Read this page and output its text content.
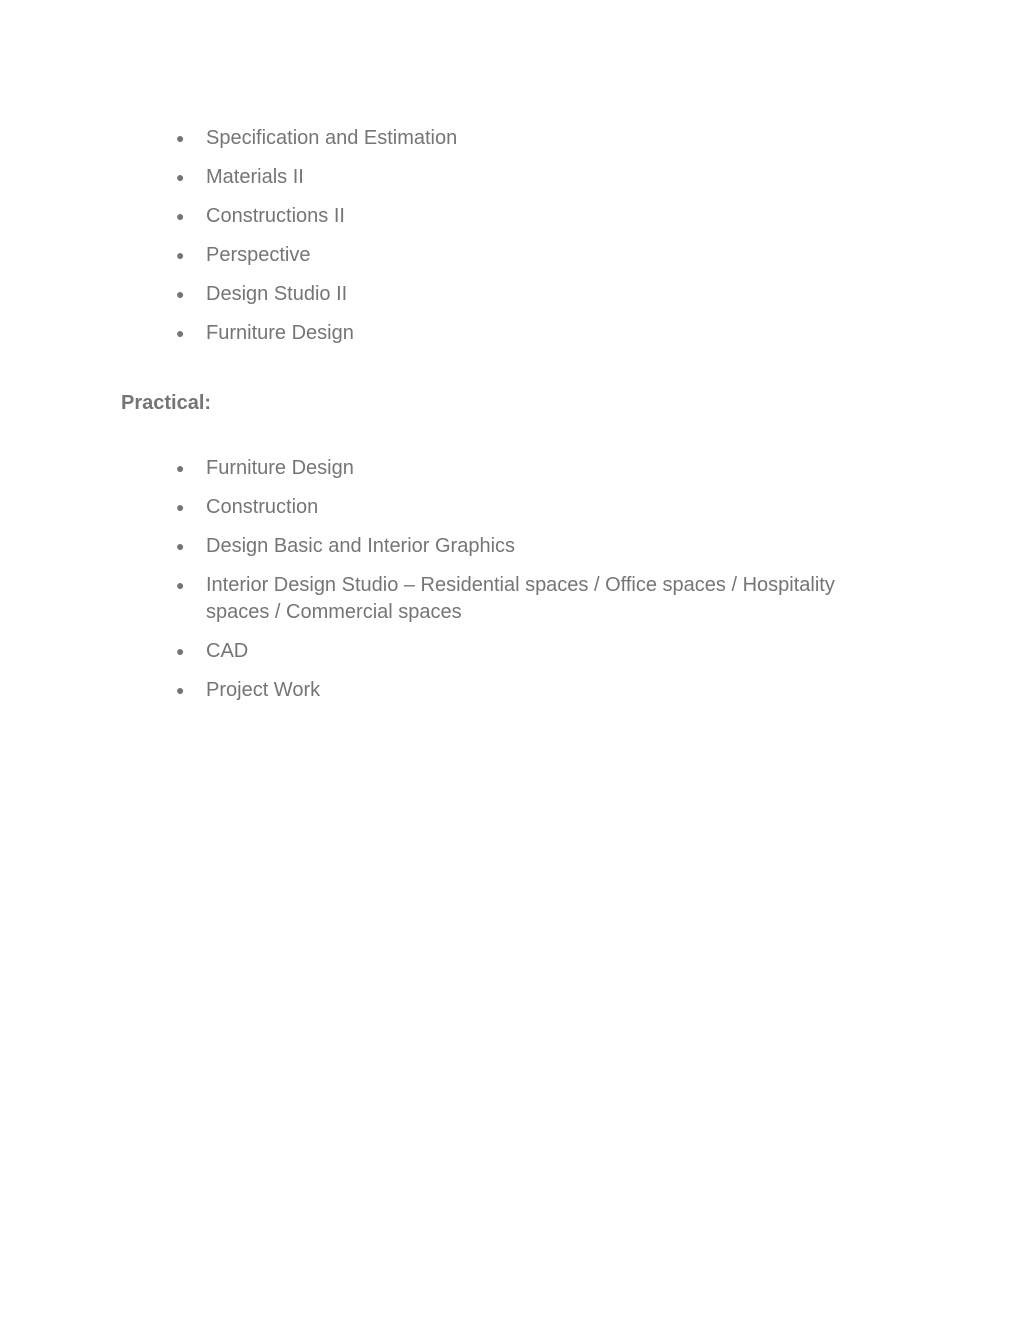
● Specification and Estimation
● Materials II
● Constructions II
● Perspective
● Design Studio II
● Furniture Design
Practical:
● Furniture Design
● Construction
● Design Basic and Interior Graphics
● Interior Design Studio – Residential spaces / Office spaces / Hospitality spaces / Commercial spaces
● CAD
● Project Work
